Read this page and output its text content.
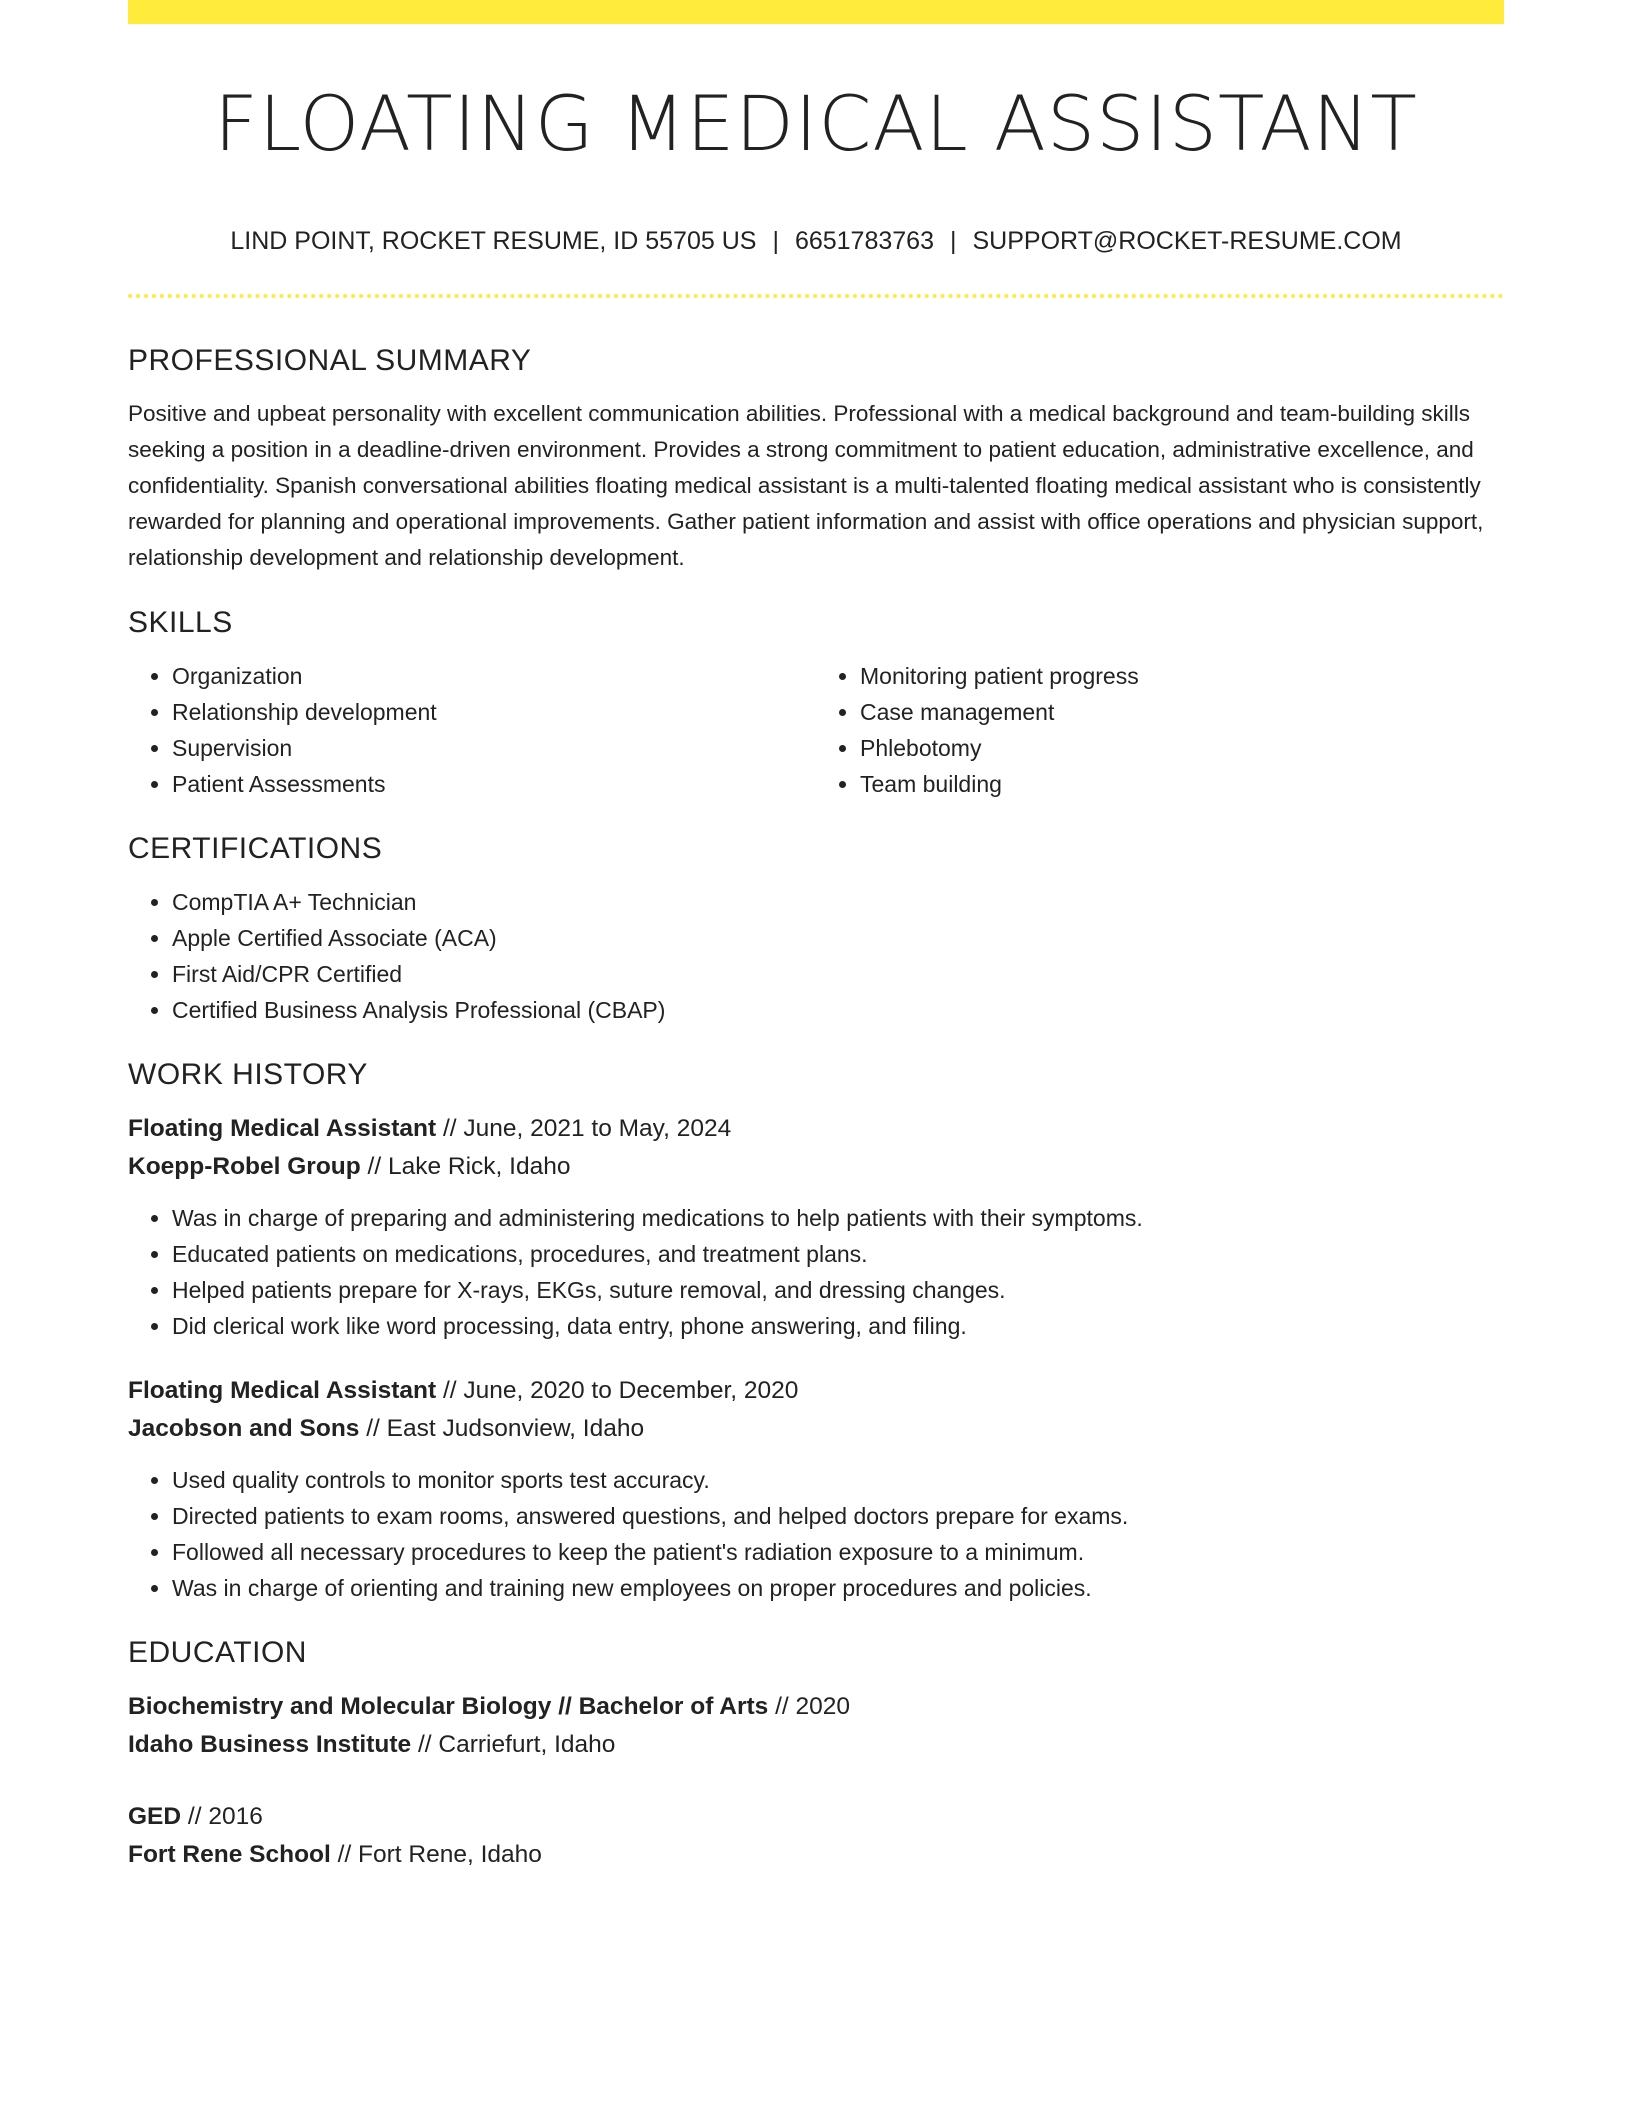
FLOATING MEDICAL ASSISTANT
LIND POINT, ROCKET RESUME, ID 55705 US | 6651783763 | SUPPORT@ROCKET-RESUME.COM
PROFESSIONAL SUMMARY

Positive and upbeat personality with excellent communication abilities. Professional with a medical background and team-building skills seeking a position in a deadline-driven environment. Provides a strong commitment to patient education, administrative excellence, and confidentiality. Spanish conversational abilities floating medical assistant is a multi-talented floating medical assistant who is consistently rewarded for planning and operational improvements. Gather patient information and assist with office operations and physician support, relationship development and relationship development.

SKILLS
• Organization
• Relationship development
• Supervision
• Patient Assessments
• Monitoring patient progress
• Case management
• Phlebotomy
• Team building
CERTIFICATIONS
• CompTIA A+ Technician
• Apple Certified Associate (ACA)
• First Aid/CPR Certified
• Certified Business Analysis Professional (CBAP)
WORK HISTORY
Floating Medical Assistant // June, 2021 to May, 2024
Koepp-Robel Group // Lake Rick, Idaho
• Was in charge of preparing and administering medications to help patients with their symptoms.
• Educated patients on medications, procedures, and treatment plans.
• Helped patients prepare for X-rays, EKGs, suture removal, and dressing changes.
• Did clerical work like word processing, data entry, phone answering, and filing.
Floating Medical Assistant // June, 2020 to December, 2020
Jacobson and Sons // East Judsonview, Idaho
• Used quality controls to monitor sports test accuracy.
• Directed patients to exam rooms, answered questions, and helped doctors prepare for exams.
• Followed all necessary procedures to keep the patient's radiation exposure to a minimum.
• Was in charge of orienting and training new employees on proper procedures and policies.
EDUCATION
Biochemistry and Molecular Biology // Bachelor of Arts // 2020
Idaho Business Institute // Carriefurt, Idaho
GED // 2016
Fort Rene School // Fort Rene, Idaho
